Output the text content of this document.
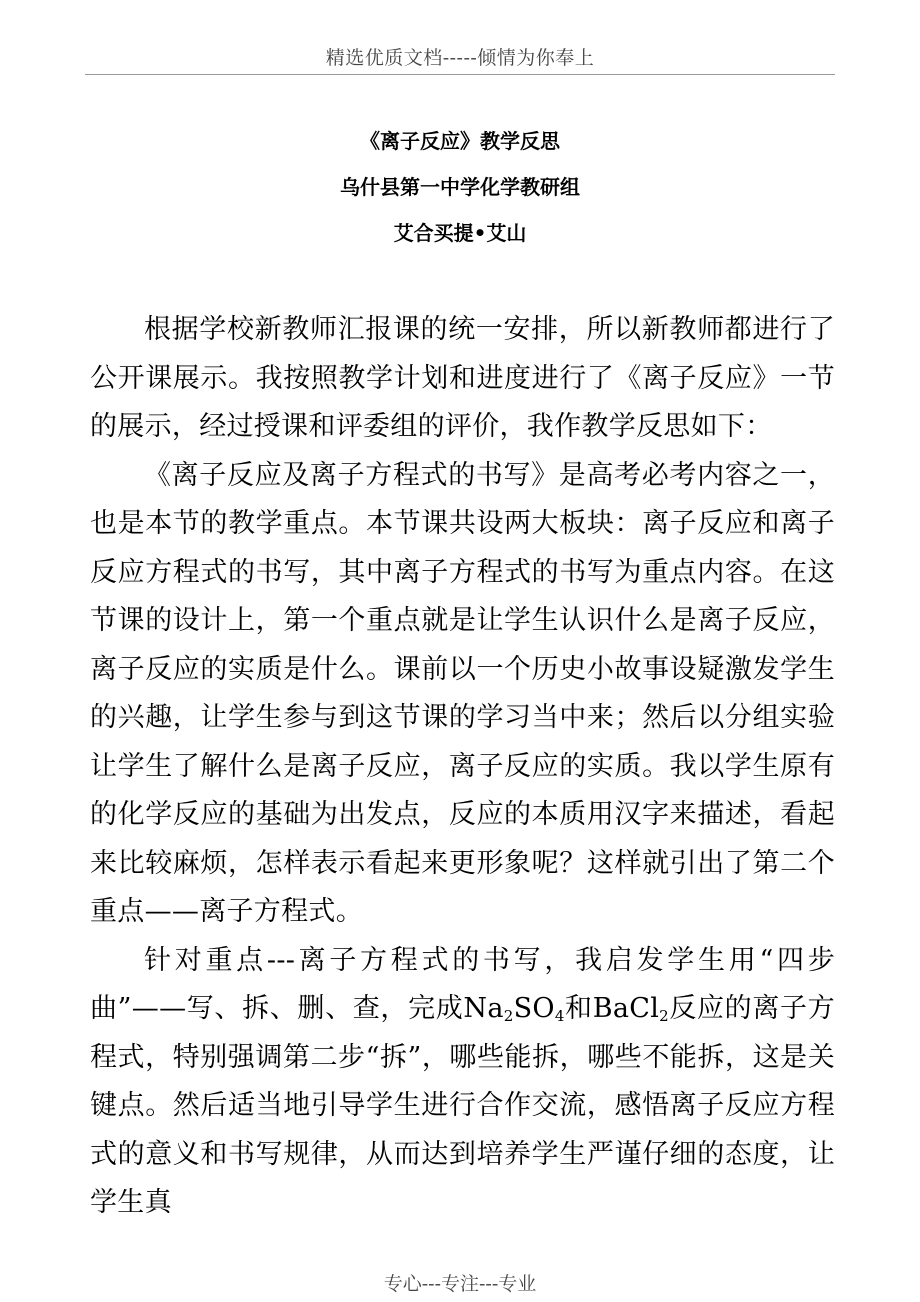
精选优质文档-----倾情为你奉上
《离子反应》教学反思
乌什县第一中学化学教研组
艾合买提•艾山

根据学校新教师汇报课的统一安排，所以新教师都进行了公开课展示。我按照教学计划和进度进行了《离子反应》一节的展示，经过授课和评委组的评价，我作教学反思如下：

《离子反应及离子方程式的书写》是高考必考内容之一，也是本节的教学重点。本节课共设两大板块：离子反应和离子反应方程式的书写，其中离子方程式的书写为重点内容。在这节课的设计上，第一个重点就是让学生认识什么是离子反应，离子反应的实质是什么。课前以一个历史小故事设疑激发学生的兴趣，让学生参与到这节课的学习当中来；然后以分组实验让学生了解什么是离子反应，离子反应的实质。我以学生原有的化学反应的基础为出发点，反应的本质用汉字来描述，看起来比较麻烦，怎样表示看起来更形象呢？这样就引出了第二个重点——离子方程式。

针对重点---离子方程式的书写，我启发学生用“四步曲”——写、拆、删、查，完成$Na_2SO_4$和BaCl$_2$反应的离子方程式，特别强调第二步“拆”，哪些能拆，哪些不能拆，这是关键点。然后适当地引导学生进行合作交流，感悟离子反应方程式的意义和书写规律，从而达到培养学生严谨仔细的态度，让学生真

专心---专注---专业
